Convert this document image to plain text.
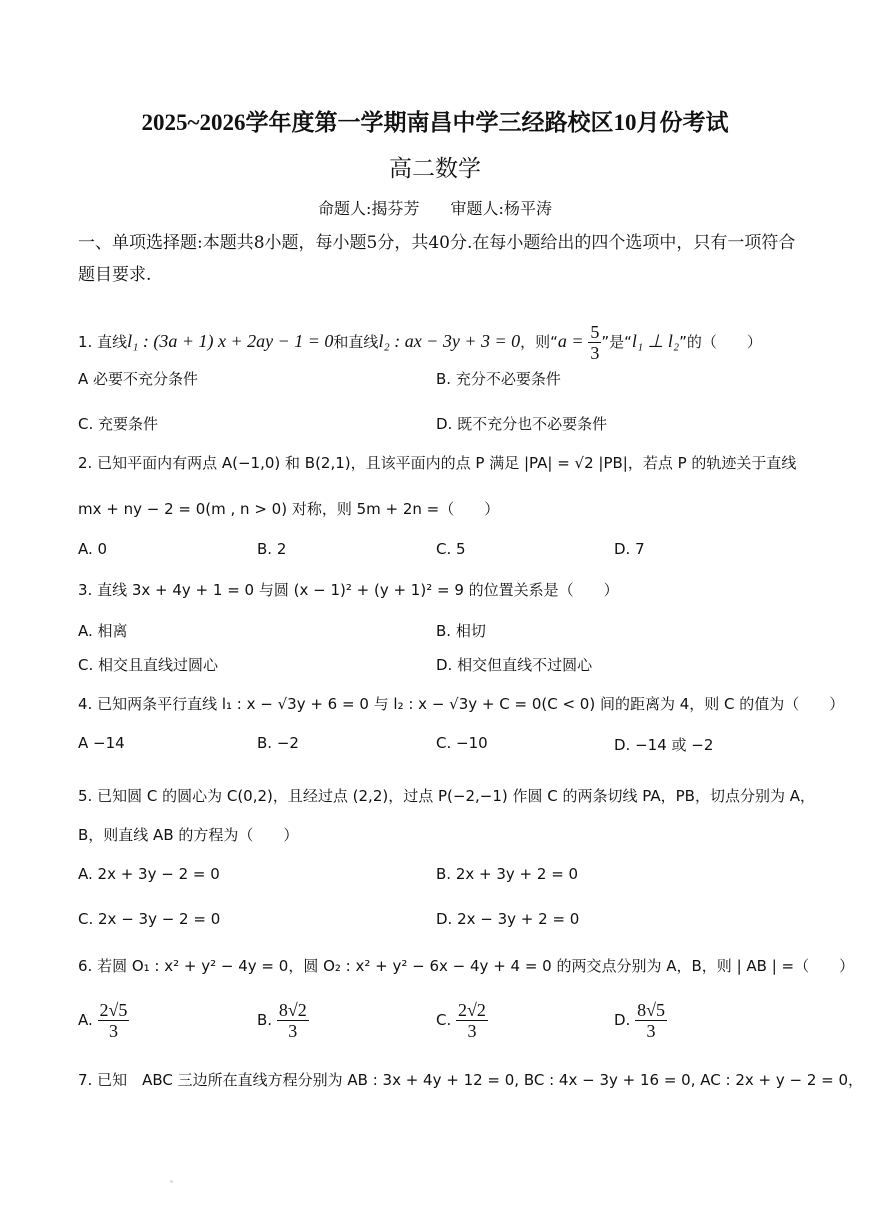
2025~2026学年度第一学期南昌中学三经路校区10月份考试
高二数学
命题人:揭芬芳 审题人:杨平涛
一、单项选择题:本题共8小题，每小题5分，共40分.在每小题给出的四个选项中，只有一项符合题目要求.
1. 直线l₁ : (3a + 1) x + 2ay − 1 = 0和直线l₂ : ax − 3y + 3 = 0，则“$a = \frac{5}{3}$ ”是“l₁ ⊥ l₂”的（　　）
A 必要不充分条件	B. 充分不必要条件
C. 充要条件	D. 既不充分也不必要条件
2. 已知平面内有两点 A(−1,0) 和 B(2,1)，且该平面内的点 P 满足 |PA| = √2 |PB|，若点 P 的轨迹关于直线
mx + ny − 2 = 0(m , n > 0) 对称，则 5m + 2n =（　　）
A. 0	B. 2	C. 5	D. 7
3. 直线 3x + 4y + 1 = 0 与圆 (x − 1)² + (y + 1)² = 9 的位置关系是（　　）
A. 相离	B. 相切
C. 相交且直线过圆心	D. 相交但直线不过圆心
4. 已知两条平行直线 l₁ : x − √3y + 6 = 0 与 l₂ : x − √3y + C = 0(C < 0) 间的距离为 4，则 C 的值为（　　）
A −14	B. −2	C. −10	D. −14 或 −2
5. 已知圆 C 的圆心为 C(0,2)，且经过点 (2,2)，过点 P(−2,−1) 作圆 C 的两条切线 PA，PB，切点分别为 A，
B，则直线 AB 的方程为（　　）
A. 2x + 3y − 2 = 0	B. 2x + 3y + 2 = 0
C. 2x − 3y − 2 = 0	D. 2x − 3y + 2 = 0
6. 若圆 O₁ : x² + y² − 4y = 0，圆 O₂ : x² + y² − 6x − 4y + 4 = 0 的两交点分别为 A，B，则 | AB | =（　　）
A. $\frac{2√5}{3}$	B. $\frac{8√2}{3}$	C. $\frac{2√2}{3}$	D. $\frac{8√5}{3}$
7. 已知　ABC 三边所在直线方程分别为 AB : 3x + 4y + 12 = 0, BC : 4x − 3y + 16 = 0, AC : 2x + y − 2 = 0，
